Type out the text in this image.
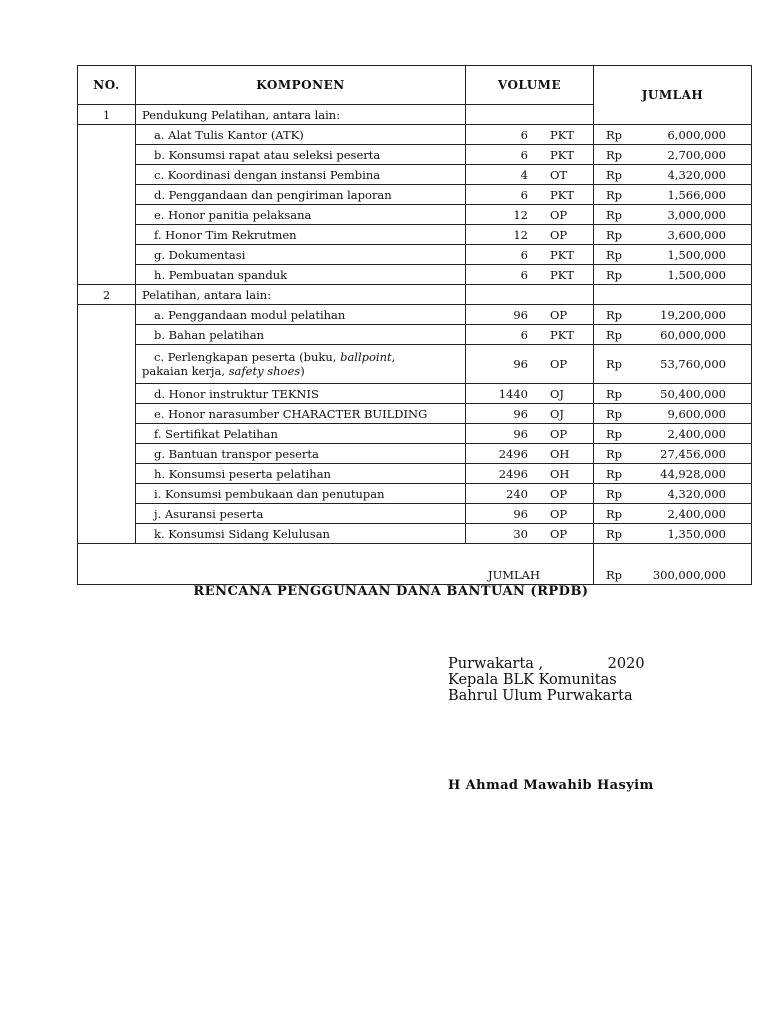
NO.	KOMPONEN	VOLUME	JUMLAH
1	Pendukung Pelatihan, antara lain:		
	a. Alat Tulis Kantor (ATK)	6 PKT	Rp 6,000,000

	b. Konsumsi rapat atau seleksi peserta	6 PKT	Rp 2,700,000

	c. Koordinasi dengan instansi Pembina	4 OT	Rp 4,320,000

	d. Penggandaan dan pengiriman laporan	6 PKT	Rp 1,566,000

	e. Honor panitia pelaksana	12 OP	Rp 3,000,000

	f. Honor Tim Rekrutmen	12 OP	Rp 3,600,000

	g. Dokumentasi	6 PKT	Rp 1,500,000

	h. Pembuatan spanduk	6 PKT	Rp 1,500,000

2	Pelatihan, antara lain:		
	a. Penggandaan modul pelatihan	96 OP	Rp 19,200,000

	b. Bahan pelatihan	6 PKT	Rp 60,000,000

	c. Perlengkapan peserta (buku, ballpoint,
pakaian kerja, safety shoes)	96 OP	Rp 53,760,000

	d. Honor instruktur TEKNIS	1440 OJ	Rp 50,400,000

	e. Honor narasumber CHARACTER BUILDING	96 OJ	Rp 9,600,000

	f. Sertifikat Pelatihan	96 OP	Rp 2,400,000

	g. Bantuan transpor peserta	2496 OH	Rp 27,456,000

	h. Konsumsi peserta pelatihan	2496 OH	Rp 44,928,000

	i. Konsumsi pembukaan dan penutupan	240 OP	Rp 4,320,000

	j. Asuransi peserta	96 OP	Rp 2,400,000

	k. Konsumsi Sidang Kelulusan	30 OP	Rp 1,350,000

JUMLAH			Rp 300,000,000
RENCANA PENGGUNAAN DANA BANTUAN (RPDB)
Purwakarta ,              2020
Kepala BLK Komunitas
Bahrul Ulum Purwakarta
H Ahmad Mawahib Hasyim
